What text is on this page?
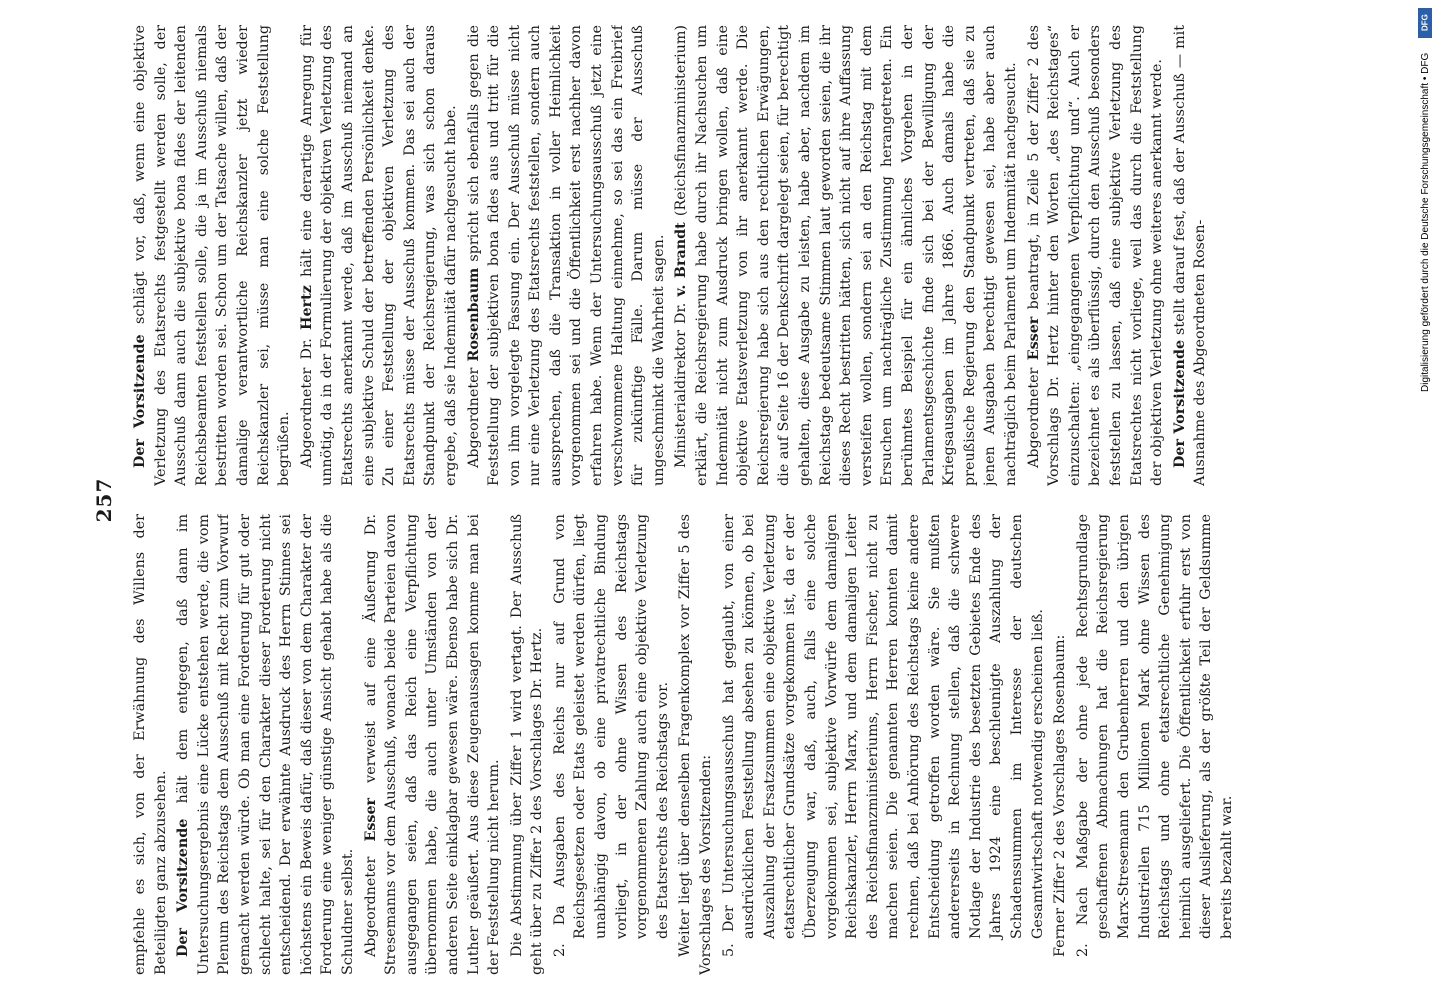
257

empfehle es sich, von der Erwähnung des Willens der Beteiligten ganz abzusehen. Der Vorsitzende hält dem entgegen, daß dann im Untersuchungsergebnis eine Lücke entstehen werde, die vom Plenum des Reichstags dem Ausschuß mit Recht zum Vorwurf gemacht werden würde. Ob man eine Forderung für gut oder schlecht halte, sei für den Charakter dieser Forderung nicht entscheidend. Der erwähnte Ausdruck des Herrn Stinnes sei höchstens ein Beweis dafür, daß dieser von dem Charakter der Forderung eine weniger günstige Ansicht gehabt habe als die Schuldner selbst. Abgeordneter Esser verweist auf eine Äußerung Dr. Stresemanns vor dem Ausschuß, wonach beide Parteien davon ausgegangen seien, daß das Reich eine Verpflichtung übernommen habe, die auch unter Umständen von der anderen Seite einklagbar gewesen wäre. Ebenso habe sich Dr. Luther geäußert. Aus diese Zeugenaussagen komme man bei der Feststellung nicht herum. Die Abstimmung über Ziffer 1 wird vertagt. Der Ausschuß geht über zu Ziffer 2 des Vorschlages Dr. Hertz. 2. Da Ausgaben des Reichs nur auf Grund von Reichsgesetzen oder Etats geleistet werden dürfen, liegt unabhängig davon, ob eine privatrechtliche Bindung vorliegt, in der ohne Wissen des Reichstags vorgenommenen Zahlung auch eine objektive Verletzung des Etatsrechts des Reichstags vor. Weiter liegt über denselben Fragenkomplex vor Ziffer 5 des Vorschlages des Vorsitzenden: 5. Der Untersuchungsausschuß hat geglaubt, von einer ausdrücklichen Feststellung absehen zu können, ob bei Auszahlung der Ersatzsummen eine objektive Verletzung etatsrechtlicher Grundsätze vorgekommen ist, da er der Überzeugung war, daß, auch, falls eine solche vorgekommen sei, subjektive Vorwürfe dem damaligen Reichskanzler, Herrn Marx, und dem damaligen Leiter des Reichsfinanzministeriums, Herrn Fischer, nicht zu machen seien. Die genannten Herren konnten damit rechnen, daß bei Anhörung des Reichstags keine andere Entscheidung getroffen worden wäre. Sie mußten andererseits in Rechnung stellen, daß die schwere Notlage der Industrie des besetzten Gebietes Ende des Jahres 1924 eine beschleunigte Auszahlung der Schadenssummen im Interesse der deutschen Gesamtwirtschaft notwendig erscheinen ließ. Ferner Ziffer 2 des Vorschlages Rosenbaum: 2. Nach Maßgabe der ohne jede Rechtsgrundlage geschaffenen Abmachungen hat die Reichsregierung Marx-Stresemann den Grubenherren und den übrigen Industriellen 715 Millionen Mark ohne Wissen des Reichstags und ohne etatsrechtliche Genehmigung heimlich ausgeliefert. Die Öffentlichkeit erfuhr erst von dieser Auslieferung, als der größte Teil der Geldsumme bereits bezahlt war.

Der Vorsitzende schlägt vor, daß, wenn eine objektive Verletzung des Etatsrechts festgestellt werden solle, der Ausschuß dann auch die subjektive bona fides der leitenden Reichsbeamten feststellen solle, die ja im Ausschuß niemals bestritten worden sei. Schon um der Tatsache willen, daß der damalige verantwortliche Reichskanzler jetzt wieder Reichskanzler sei, müsse man eine solche Feststellung begrüßen. Abgeordneter Dr. Hertz hält eine derartige Anregung für unnötig, da in der Formulierung der objektiven Verletzung des Etatsrechts anerkannt werde, daß im Ausschuß niemand an eine subjektive Schuld der betreffenden Persönlichkeit denke. Zu einer Feststellung der objektiven Verletzung des Etatsrechts müsse der Ausschuß kommen. Das sei auch der Standpunkt der Reichsregierung, was sich schon daraus ergebe, daß sie Indemnität dafür nachgesucht habe. Abgeordneter Rosenbaum spricht sich ebenfalls gegen die Feststellung der subjektiven bona fides aus und tritt für die von ihm vorgelegte Fassung ein. Der Ausschuß müsse nicht nur eine Verletzung des Etatsrechts feststellen, sondern auch aussprechen, daß die Transaktion in voller Heimlichkeit vorgenommen sei und die Öffentlichkeit erst nachher davon erfahren habe. Wenn der Untersuchungsausschuß jetzt eine verschwommene Haltung einnehme, so sei das ein Freibrief für zukünftige Fälle. Darum müsse der Ausschuß ungeschminkt die Wahrheit sagen. Ministerialdirektor Dr. v. Brandt (Reichsfinanzministerium) erklärt, die Reichsregierung habe durch ihr Nachsuchen um Indemnität nicht zum Ausdruck bringen wollen, daß eine objektive Etatsverletzung von ihr anerkannt werde. Die Reichsregierung habe sich aus den rechtlichen Erwägungen, die auf Seite 16 der Denkschrift dargelegt seien, für berechtigt gehalten, diese Ausgabe zu leisten, habe aber, nachdem im Reichstage bedeutsame Stimmen laut geworden seien, die ihr dieses Recht bestritten hätten, sich nicht auf ihre Auffassung versteifen wollen, sondern sei an den Reichstag mit dem Ersuchen um nachträgliche Zustimmung herangetreten. Ein berühmtes Beispiel für ein ähnliches Vorgehen in der Parlamentsgeschichte finde sich bei der Bewilligung der Kriegsausgaben im Jahre 1866. Auch damals habe die preußische Regierung den Standpunkt vertreten, daß sie zu jenen Ausgaben berechtigt gewesen sei, habe aber auch nachträglich beim Parlament um Indemnität nachgesucht. Abgeordneter Esser beantragt, in Zeile 5 der Ziffer 2 des Vorschlags Dr. Hertz hinter den Worten „des Reichstages“ einzuschalten: „eingegangenen Verpflichtung und“. Auch er bezeichnet es als überflüssig, durch den Ausschuß besonders feststellen zu lassen, daß eine subjektive Verletzung des Etatsrechtes nicht vorliege, weil das durch die Feststellung der objektiven Verletzung ohne weiteres anerkannt werde. Der Vorsitzende stellt darauf fest, daß der Ausschuß — mit Ausnahme des Abgeordneten Rosen-

DFG
Digitalisierung gefördert durch die Deutsche Forschungsgemeinschaft • DFG
